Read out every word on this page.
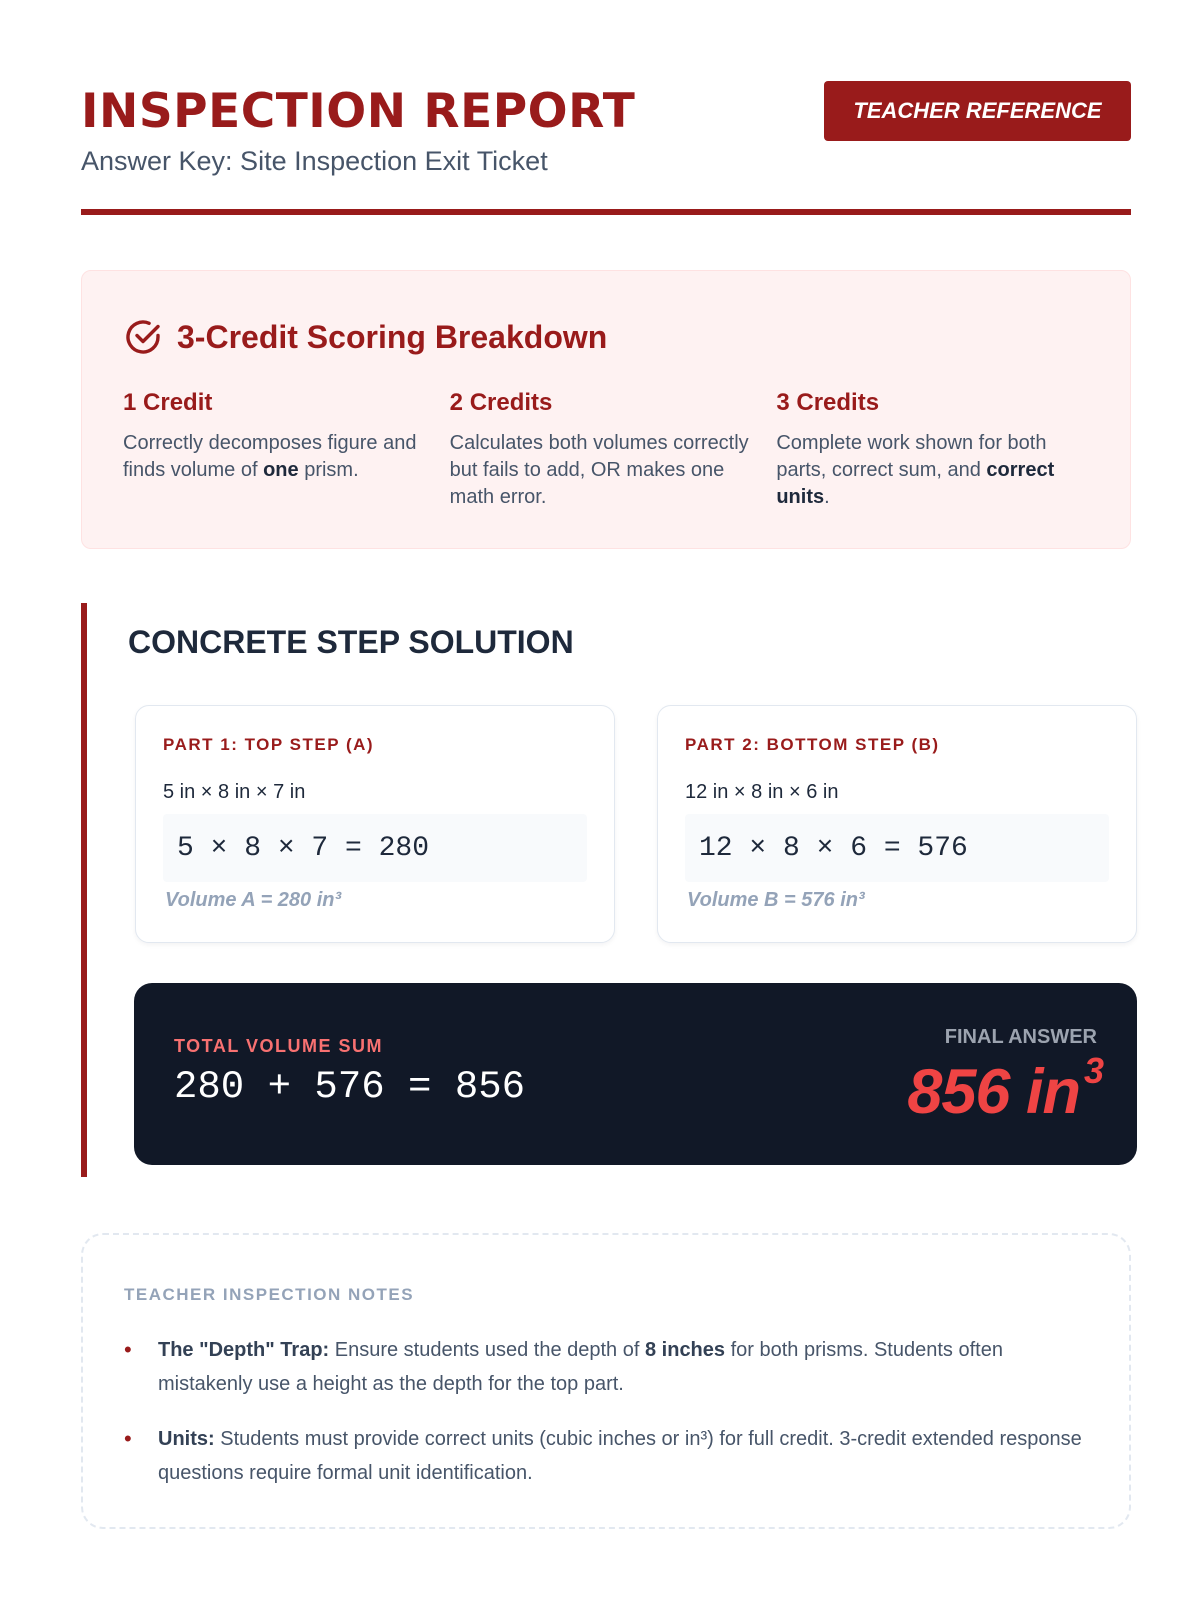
INSPECTION REPORT
Answer Key: Site Inspection Exit Ticket
TEACHER REFERENCE
3-Credit Scoring Breakdown
1 Credit

Correctly decomposes figure and finds volume of one prism.

2 Credits

Calculates both volumes correctly but fails to add, OR makes one math error.

3 Credits

Complete work shown for both parts, correct sum, and correct units.

CONCRETE STEP SOLUTION
PART 1: TOP STEP (A)
5 in × 8 in × 7 in
5 × 8 × 7 = 280
Volume A = 280 in³
PART 2: BOTTOM STEP (B)
12 in × 8 in × 6 in
12 × 8 × 6 = 576
Volume B = 576 in³
TOTAL VOLUME SUM
280 + 576 = 856
FINAL ANSWER
856 in $^3$
TEACHER INSPECTION NOTES
• The "Depth" Trap: Ensure students used the depth of 8 inches for both prisms. Students often mistakenly use a height as the depth for the top part.
• Units: Students must provide correct units (cubic inches or in³) for full credit. 3-credit extended response questions require formal unit identification.
